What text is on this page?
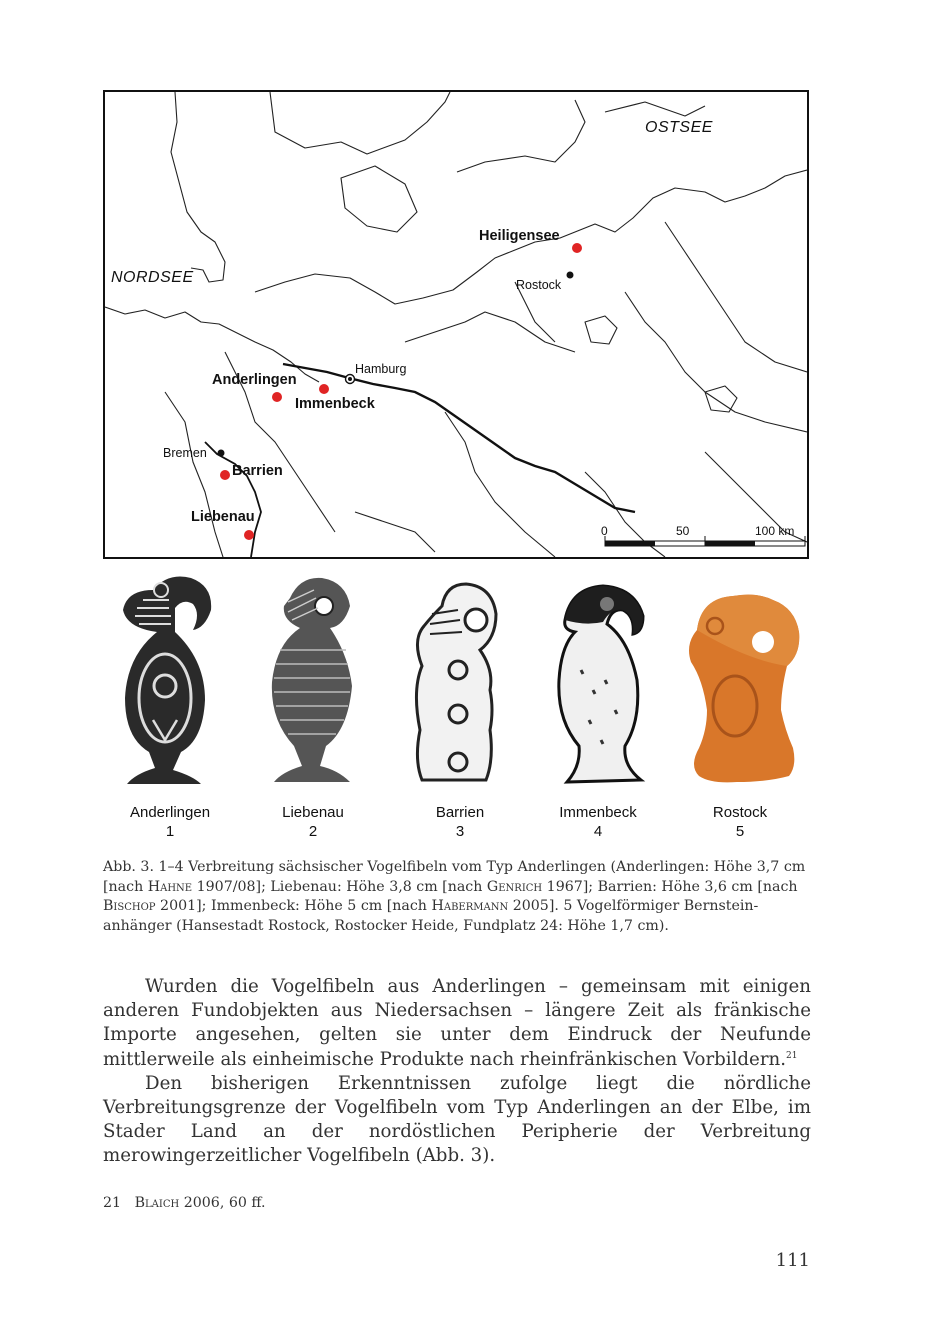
OSTSEE
NORDSEE
Heiligensee
Rostock
Hamburg
Anderlingen
Immenbeck
Bremen
Barrien
Liebenau
0	50	100 km
Anderlingen
1
Liebenau
2
Barrien
3
Immenbeck
4
Rostock
5
Abb. 3. 1–4 Verbreitung sächsischer Vogelfibeln vom Typ Anderlingen (Anderlingen: Höhe 3,7 cm [nach Hahne 1907/08]; Liebenau: Höhe 3,8 cm [nach Genrich 1967]; Barrien: Höhe 3,6 cm [nach Bischop 2001]; Immenbeck: Höhe 5 cm [nach Habermann 2005]. 5 Vogelförmiger Bernsteinanhänger (Hansestadt Rostock, Rostocker Heide, Fundplatz 24: Höhe 1,7 cm).

Wurden die Vogelfibeln aus Anderlingen – gemeinsam mit einigen anderen Fundobjekten aus Niedersachsen – längere Zeit als fränkische Importe angesehen, gelten sie unter dem Eindruck der Neufunde mittlerweile als einheimische Produkte nach rheinfränkischen Vorbildern.$^{21}$

Den bisherigen Erkenntnissen zufolge liegt die nördliche Verbreitungsgrenze der Vogelfibeln vom Typ Anderlingen an der Elbe, im Stader Land an der nordöstlichen Peripherie der Verbreitung merowingerzeitlicher Vogelfibeln (Abb. 3).

21 Blaich 2006, 60 ff.
111
